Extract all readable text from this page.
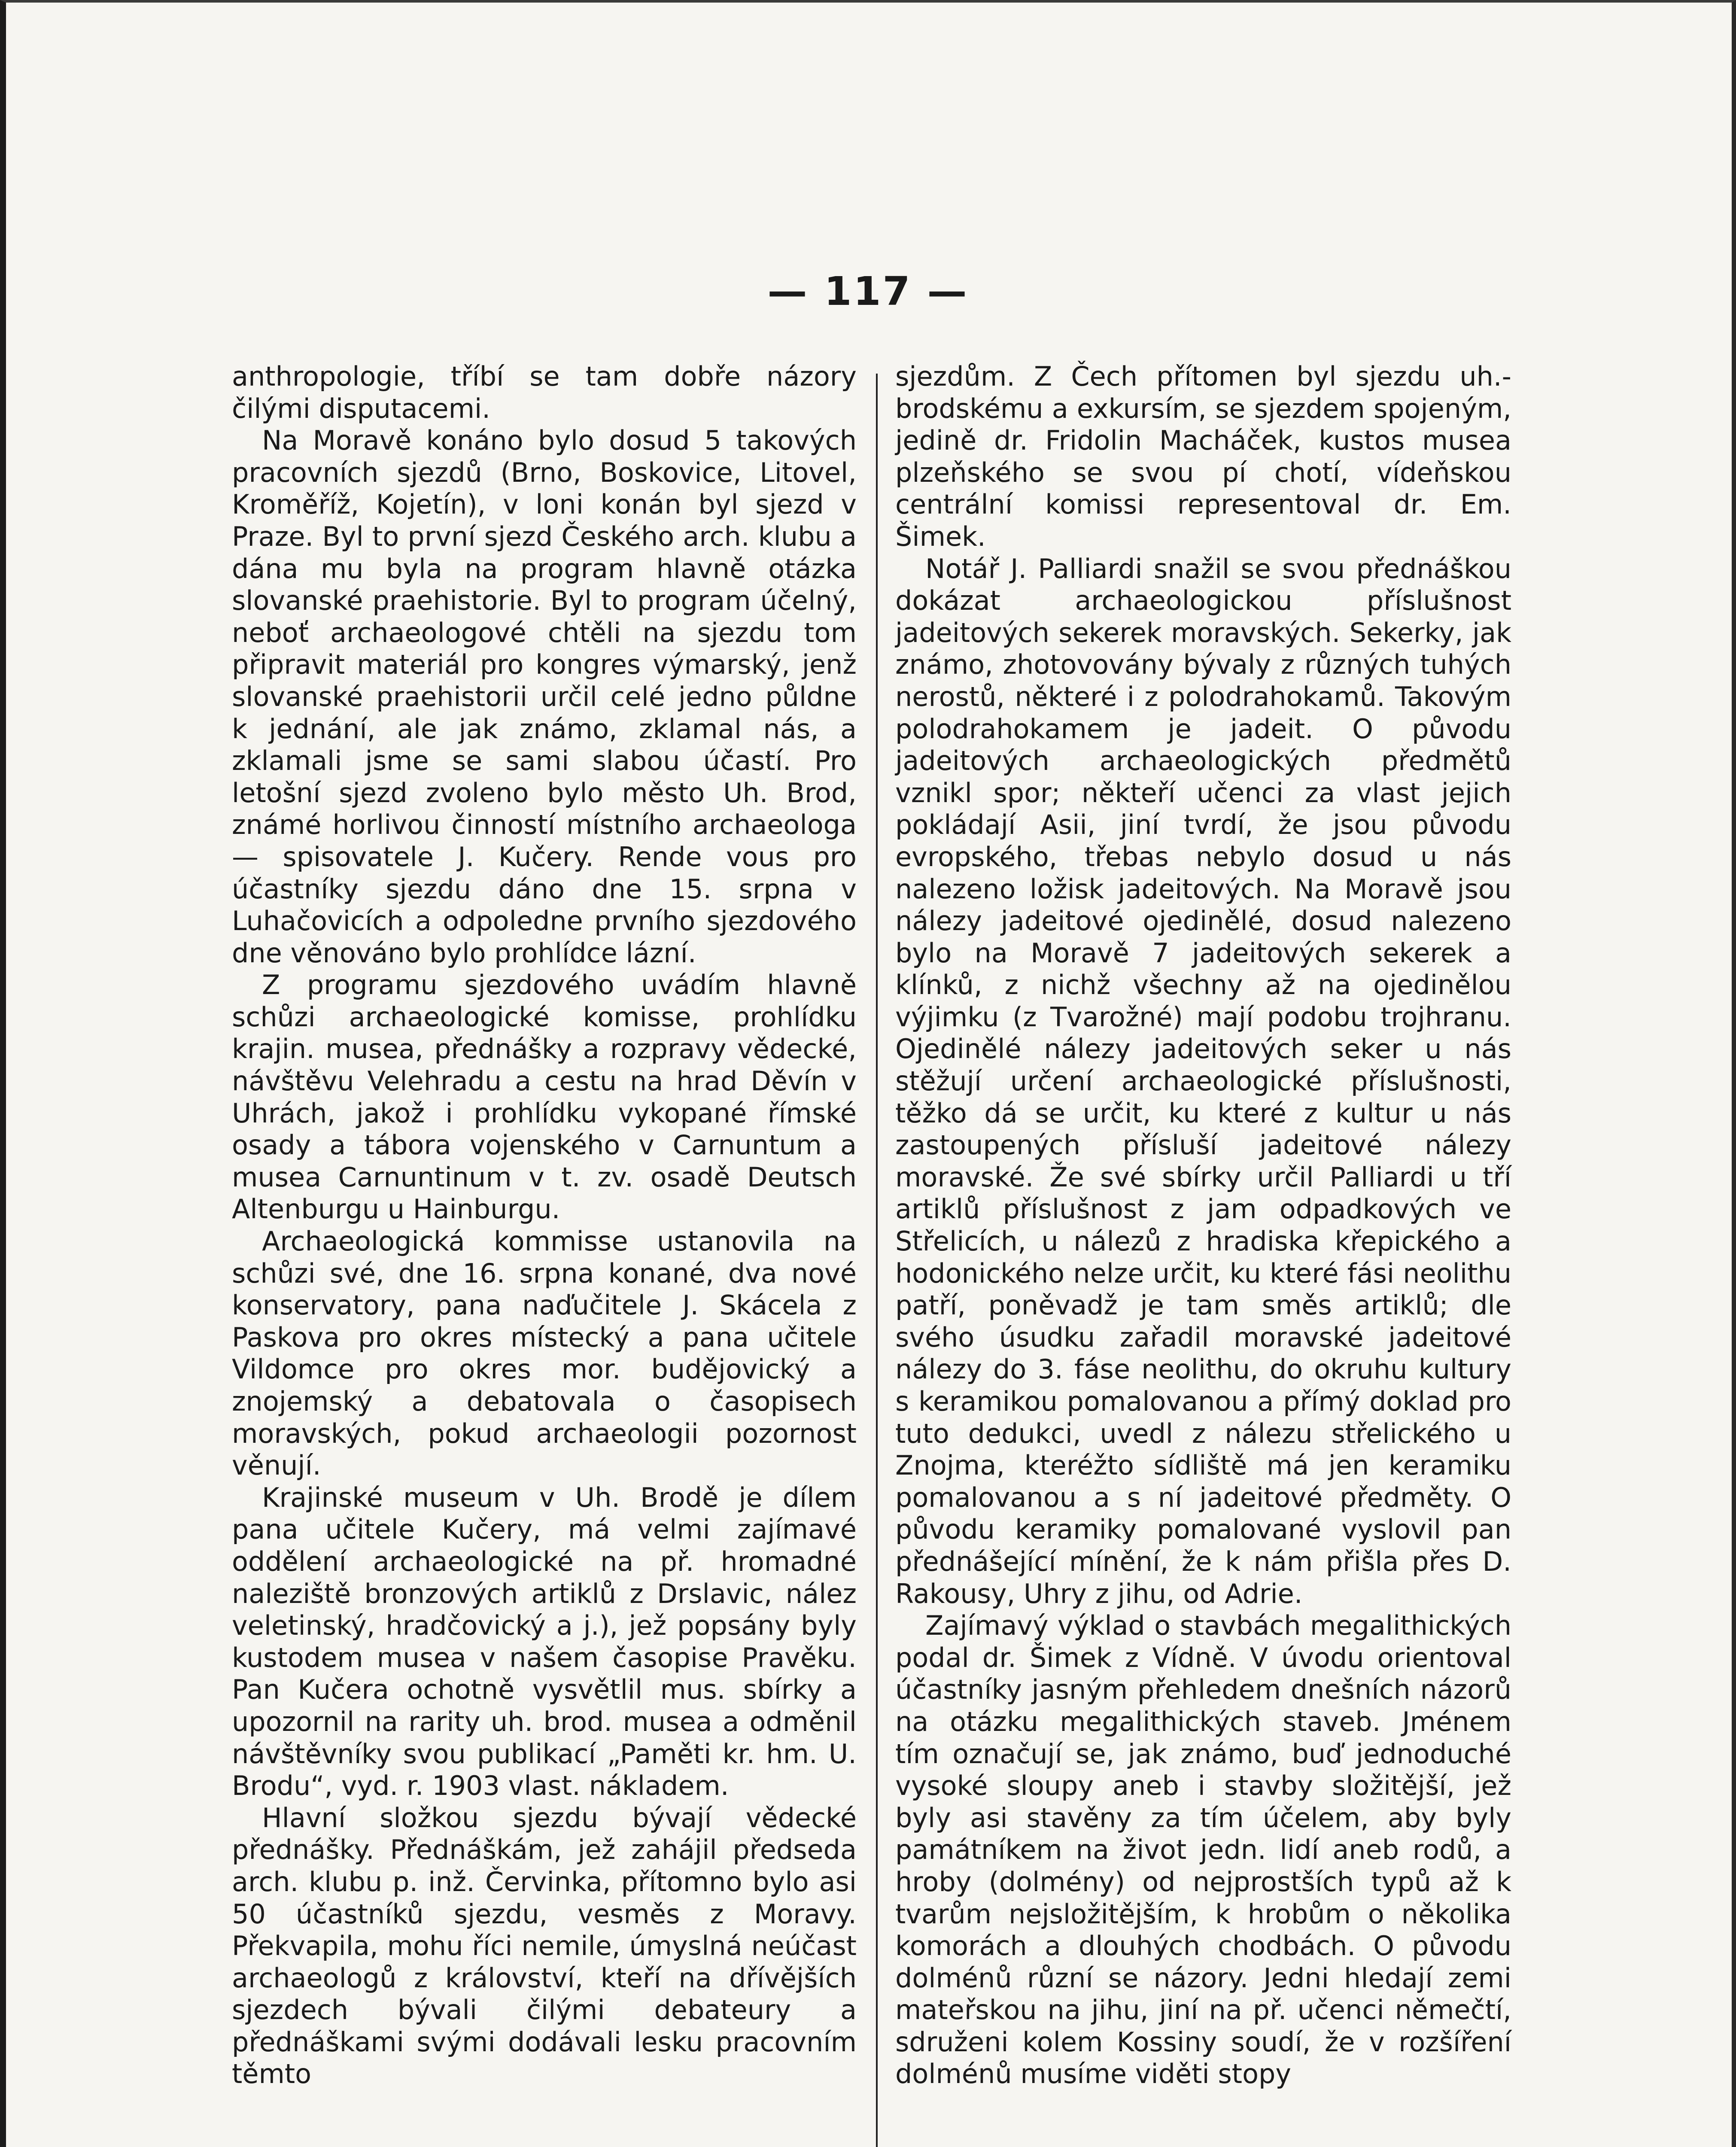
— 117 —

anthropologie, tříbí se tam dobře názory čilými disputacemi.

Na Moravě konáno bylo dosud 5 takových pracovních sjezdů (Brno, Boskovice, Litovel, Kroměříž, Kojetín), v loni konán byl sjezd v Praze. Byl to první sjezd Českého arch. klubu a dána mu byla na program hlavně otázka slovanské praehistorie. Byl to program účelný, neboť archaeologové chtěli na sjezdu tom připravit materiál pro kongres výmarský, jenž slovanské praehistorii určil celé jedno půldne k jednání, ale jak známo, zklamal nás, a zklamali jsme se sami slabou účastí. Pro letošní sjezd zvoleno bylo město Uh. Brod, známé horlivou činností místního archaeologa — spisovatele J. Kučery. Rende vous pro účastníky sjezdu dáno dne 15. srpna v Luhačovicích a odpoledne prvního sjezdového dne věnováno bylo prohlídce lázní.

Z programu sjezdového uvádím hlavně schůzi archaeologické komisse, prohlídku krajin. musea, přednášky a rozpravy vědecké, návštěvu Velehradu a cestu na hrad Děvín v Uhrách, jakož i prohlídku vykopané římské osady a tábora vojenského v Carnuntum a musea Carnuntinum v t. zv. osadě Deutsch Altenburgu u Hainburgu.

Archaeologická kommisse ustanovila na schůzi své, dne 16. srpna konané, dva nové konservatory, pana naďučitele J. Skácela z Paskova pro okres místecký a pana učitele Vildomce pro okres mor. budějovický a znojemský a debatovala o časopisech moravských, pokud archaeologii pozornost věnují.

Krajinské museum v Uh. Brodě je dílem pana učitele Kučery, má velmi zajímavé oddělení archaeologické na př. hromadné naleziště bronzových artiklů z Drslavic, nález veletinský, hradčovický a j.), jež popsány byly kustodem musea v našem časopise Pravěku. Pan Kučera ochotně vysvětlil mus. sbírky a upozornil na rarity uh. brod. musea a odměnil návštěvníky svou publikací „Paměti kr. hm. U. Brodu“, vyd. r. 1903 vlast. nákladem.

Hlavní složkou sjezdu bývají vědecké přednášky. Přednáškám, jež zahájil předseda arch. klubu p. inž. Červinka, přítomno bylo asi 50 účastníků sjezdu, vesměs z Moravy. Překvapila, mohu říci nemile, úmyslná neúčast archaeologů z království, kteří na dřívějších sjezdech bývali čilými debateury a přednáškami svými dodávali lesku pracovním těmto

sjezdům. Z Čech přítomen byl sjezdu uh.-brodskému a exkursím, se sjezdem spojeným, jedině dr. Fridolin Macháček, kustos musea plzeňského se svou pí chotí, vídeňskou centrální komissi representoval dr. Em. Šimek.

Notář J. Palliardi snažil se svou přednáškou dokázat archaeologickou příslušnost jadeitových sekerek moravských. Sekerky, jak známo, zhotovovány bývaly z různých tuhých nerostů, některé i z polodrahokamů. Takovým polodrahokamem je jadeit. O původu jadeitových archaeologických předmětů vznikl spor; někteří učenci za vlast jejich pokládají Asii, jiní tvrdí, že jsou původu evropského, třebas nebylo dosud u nás nalezeno ložisk jadeitových. Na Moravě jsou nálezy jadeitové ojedinělé, dosud nalezeno bylo na Moravě 7 jadeitových sekerek a klínků, z nichž všechny až na ojedinělou výjimku (z Tvarožné) mají podobu trojhranu. Ojedinělé nálezy jadeitových seker u nás stěžují určení archaeologické příslušnosti, těžko dá se určit, ku které z kultur u nás zastoupených přísluší jadeitové nálezy moravské. Že své sbírky určil Palliardi u tří artiklů příslušnost z jam odpadkových ve Střelicích, u nálezů z hradiska křepického a hodonického nelze určit, ku které fási neolithu patří, poněvadž je tam směs artiklů; dle svého úsudku zařadil moravské jadeitové nálezy do 3. fáse neolithu, do okruhu kultury s keramikou pomalovanou a přímý doklad pro tuto dedukci, uvedl z nálezu střelického u Znojma, kteréžto sídliště má jen keramiku pomalovanou a s ní jadeitové předměty. O původu keramiky pomalované vyslovil pan přednášející mínění, že k nám přišla přes D. Rakousy, Uhry z jihu, od Adrie.

Zajímavý výklad o stavbách megalithických podal dr. Šimek z Vídně. V úvodu orientoval účastníky jasným přehledem dnešních názorů na otázku megalithických staveb. Jménem tím označují se, jak známo, buď jednoduché vysoké sloupy aneb i stavby složitější, jež byly asi stavěny za tím účelem, aby byly památníkem na život jedn. lidí aneb rodů, a hroby (dolmény) od nejprostších typů až k tvarům nejsložitějším, k hrobům o několika komorách a dlouhých chodbách. O původu dolménů různí se názory. Jedni hledají zemi mateřskou na jihu, jiní na př. učenci němečtí, sdruženi kolem Kossiny soudí, že v rozšíření dolménů musíme viděti stopy
